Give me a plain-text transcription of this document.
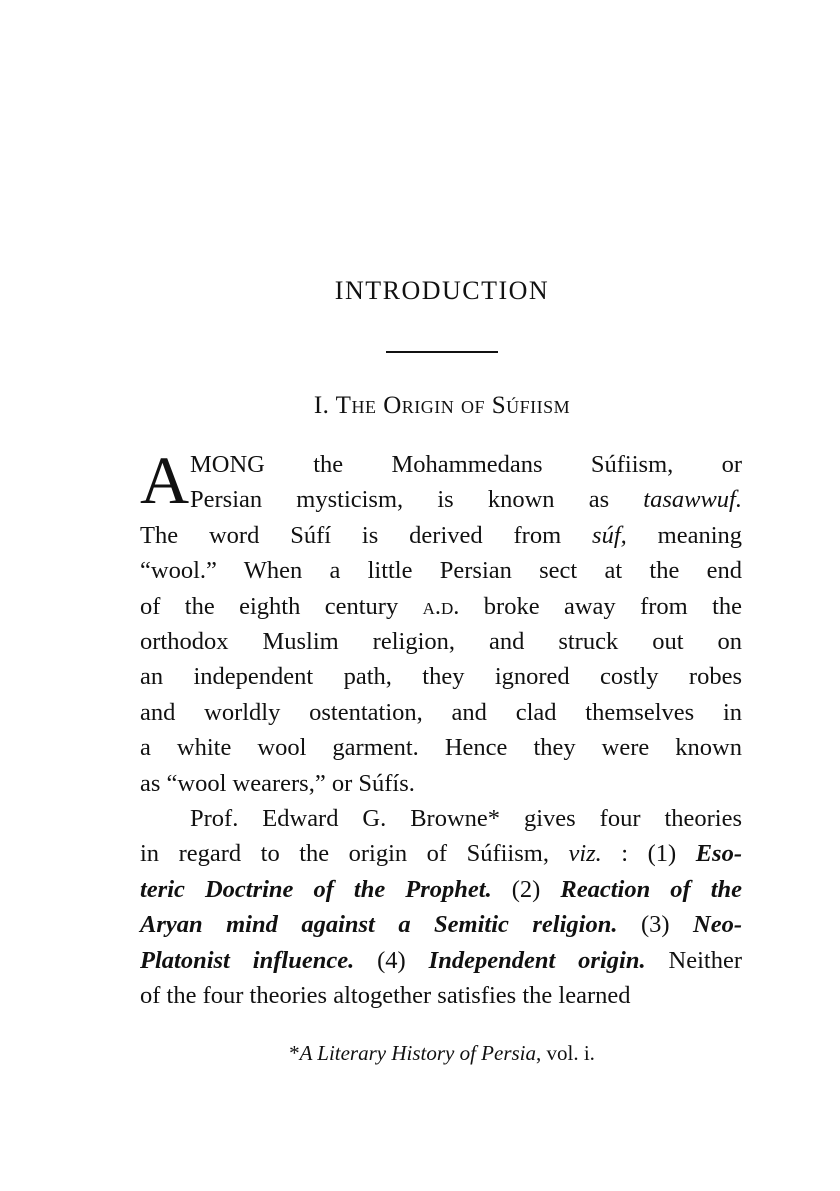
INTRODUCTION
I. The Origin of Súfiism
A MONG the Mohammedans Súfiism, or
Persian mysticism, is known as tasawwuf.
The word Súfí is derived from súf, meaning
“wool.” When a little Persian sect at the end
of the eighth century a.d. broke away from the
orthodox Muslim religion, and struck out on
an independent path, they ignored costly robes
and worldly ostentation, and clad themselves in
a white wool garment. Hence they were known
as “wool wearers,” or Súfís.
Prof. Edward G. Browne* gives four theories
in regard to the origin of Súfiism, viz. : (1) Eso-
teric Doctrine of the Prophet. (2) Reaction of the
Aryan mind against a Semitic religion. (3) Neo-
Platonist influence. (4) Independent origin. Neither
of the four theories altogether satisfies the learned
*A Literary History of Persia, vol. i.
